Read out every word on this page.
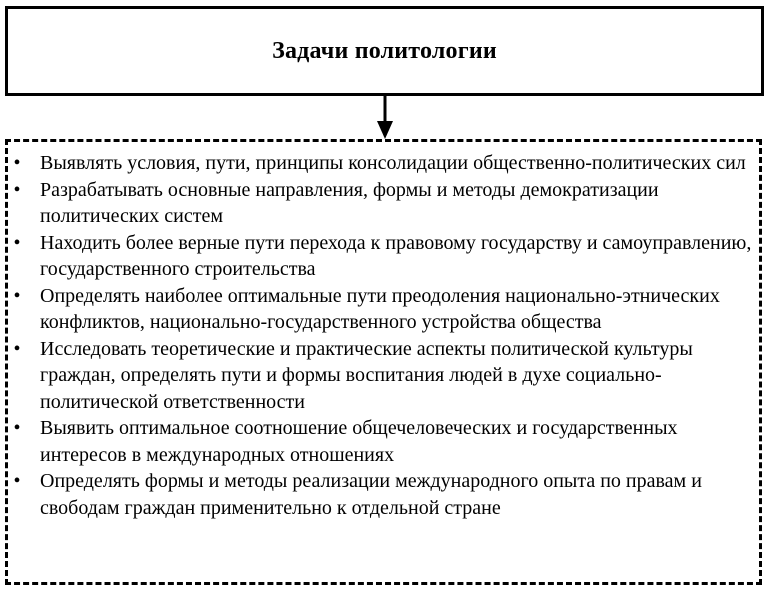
Задачи политологии
• Выявлять условия, пути, принципы консолидации общественно-политических сил
• Разрабатывать основные направления, формы и методы демократизации политических систем
• Находить более верные пути перехода к правовому государству и самоуправлению, государственного строительства
• Определять наиболее оптимальные пути преодоления национально-этнических конфликтов, национально-государственного устройства общества
• Исследовать теоретические и практические аспекты политической культуры граждан, определять пути и формы воспитания людей в духе социально-политической ответственности
• Выявить оптимальное соотношение общечеловеческих и государственных интересов в международных отношениях
• Определять формы и методы реализации международного опыта по правам и свободам граждан применительно к отдельной стране
